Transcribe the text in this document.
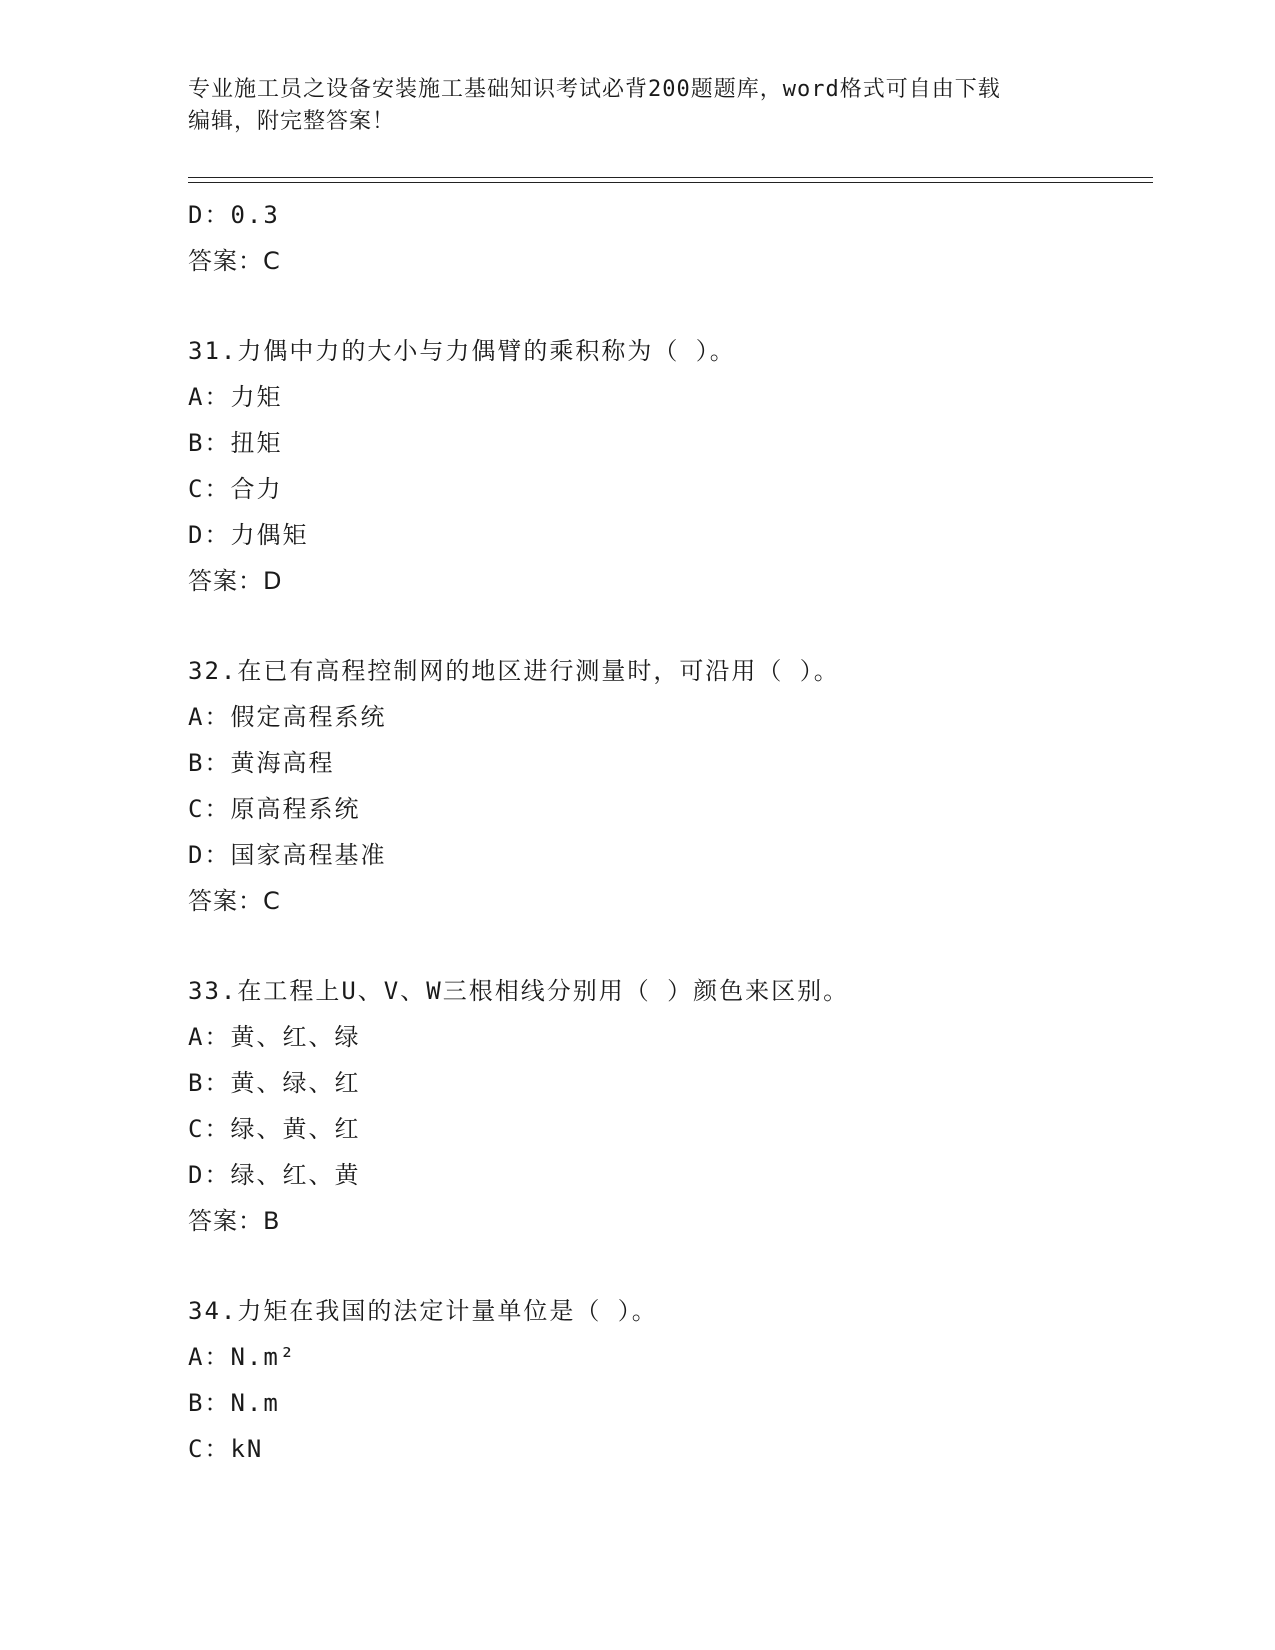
专业施工员之设备安装施工基础知识考试必背200题题库，word格式可自由下载
编辑，附完整答案！
D：0.3
答案：C
31.力偶中力的大小与力偶臂的乘积称为（ ）。
A：力矩
B：扭矩
C：合力
D：力偶矩
答案：D
32.在已有高程控制网的地区进行测量时，可沿用（ ）。
A：假定高程系统
B：黄海高程
C：原高程系统
D：国家高程基准
答案：C
33.在工程上U、V、W三根相线分别用（ ）颜色来区别。
A：黄、红、绿
B：黄、绿、红
C：绿、黄、红
D：绿、红、黄
答案：B
34.力矩在我国的法定计量单位是（ ）。
A：N.m²
B：N.m
C：kN
